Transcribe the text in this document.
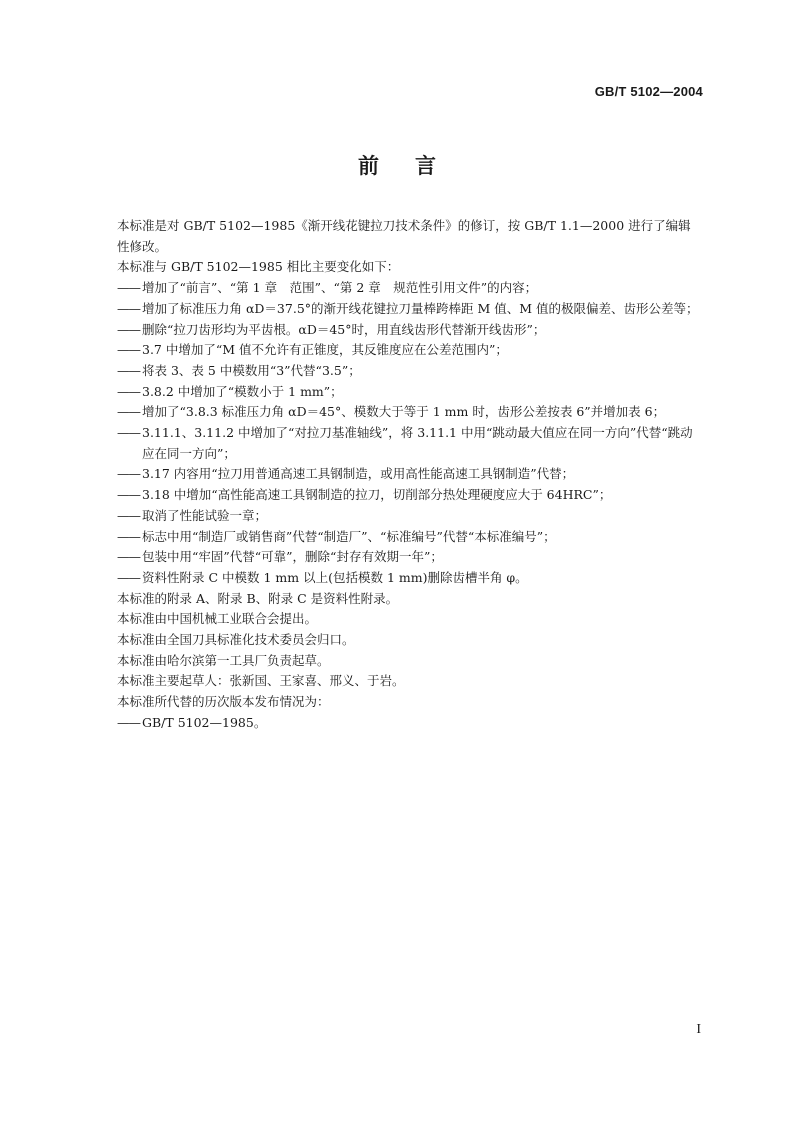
GB/T 5102—2004
前言

本标准是对 GB/T 5102—1985《渐开线花键拉刀技术条件》的修订，按 GB/T 1.1—2000 进行了编辑性修改。

本标准与 GB/T 5102—1985 相比主要变化如下：

—— 增加了“前言”、“第 1 章　范围”、“第 2 章　规范性引用文件”的内容；

—— 增加了标准压力角 αD＝37.5°的渐开线花键拉刀量棒跨棒距 M 值、M 值的极限偏差、齿形公差等；

—— 删除“拉刀齿形均为平齿根。αD＝45°时，用直线齿形代替渐开线齿形”；

—— 3.7 中增加了“M 值不允许有正锥度，其反锥度应在公差范围内”；

—— 将表 3、表 5 中模数用“3”代替“3.5”；

—— 3.8.2 中增加了“模数小于 1 mm”；

—— 增加了“3.8.3 标准压力角 αD＝45°、模数大于等于 1 mm 时，齿形公差按表 6”并增加表 6；

—— 3.11.1、3.11.2 中增加了“对拉刀基准轴线”，将 3.11.1 中用“跳动最大值应在同一方向”代替“跳动应在同一方向”；

—— 3.17 内容用“拉刀用普通高速工具钢制造，或用高性能高速工具钢制造”代替；

—— 3.18 中增加“高性能高速工具钢制造的拉刀，切削部分热处理硬度应大于 64HRC”；

—— 取消了性能试验一章；

—— 标志中用“制造厂或销售商”代替“制造厂”、“标准编号”代替“本标准编号”；

—— 包装中用“牢固”代替“可靠”，删除“封存有效期一年”；

—— 资料性附录 C 中模数 1 mm 以上(包括模数 1 mm)删除齿槽半角 φ。

本标准的附录 A、附录 B、附录 C 是资料性附录。

本标准由中国机械工业联合会提出。

本标准由全国刀具标准化技术委员会归口。

本标准由哈尔滨第一工具厂负责起草。

本标准主要起草人：张新国、王家喜、邢义、于岩。

本标准所代替的历次版本发布情况为：

—— GB/T 5102—1985。

I
